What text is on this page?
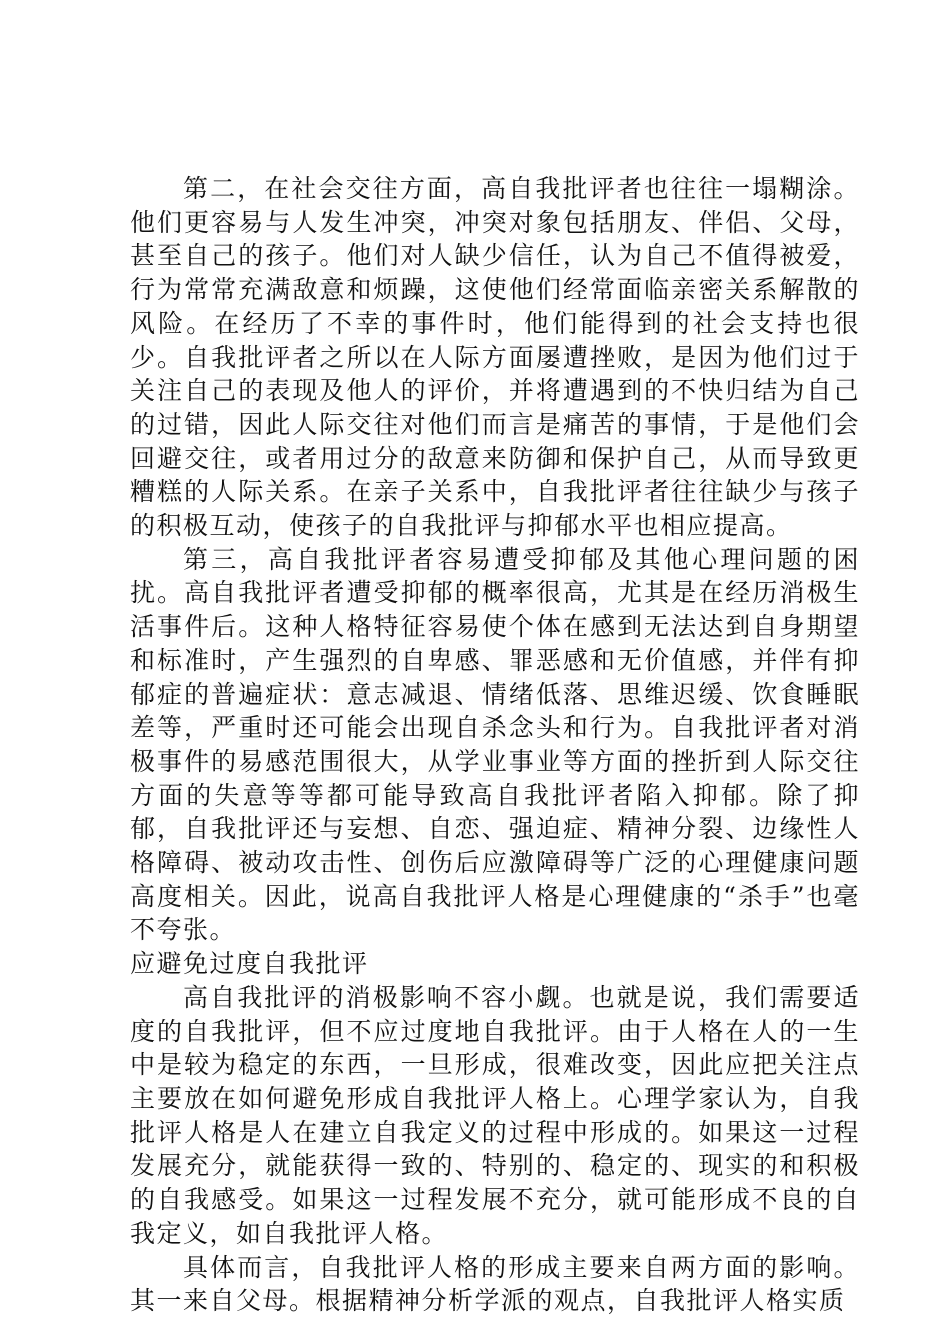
第二，在社会交往方面，高自我批评者也往往一塌糊涂。他们更容易与人发生冲突，冲突对象包括朋友、伴侣、父母，甚至自己的孩子。他们对人缺少信任，认为自己不值得被爱，行为常常充满敌意和烦躁，这使他们经常面临亲密关系解散的风险。在经历了不幸的事件时，他们能得到的社会支持也很少。自我批评者之所以在人际方面屡遭挫败，是因为他们过于关注自己的表现及他人的评价，并将遭遇到的不快归结为自己的过错，因此人际交往对他们而言是痛苦的事情，于是他们会回避交往，或者用过分的敌意来防御和保护自己，从而导致更糟糕的人际关系。在亲子关系中，自我批评者往往缺少与孩子的积极互动，使孩子的自我批评与抑郁水平也相应提高。

第三，高自我批评者容易遭受抑郁及其他心理问题的困扰。高自我批评者遭受抑郁的概率很高，尤其是在经历消极生活事件后。这种人格特征容易使个体在感到无法达到自身期望和标准时，产生强烈的自卑感、罪恶感和无价值感，并伴有抑郁症的普遍症状：意志减退、情绪低落、思维迟缓、饮食睡眠差等，严重时还可能会出现自杀念头和行为。自我批评者对消极事件的易感范围很大，从学业事业等方面的挫折到人际交往方面的失意等等都可能导致高自我批评者陷入抑郁。除了抑郁，自我批评还与妄想、自恋、强迫症、精神分裂、边缘性人格障碍、被动攻击性、创伤后应激障碍等广泛的心理健康问题高度相关。因此，说高自我批评人格是心理健康的“杀手”也毫不夸张。

应避免过度自我批评

高自我批评的消极影响不容小觑。也就是说，我们需要适度的自我批评，但不应过度地自我批评。由于人格在人的一生中是较为稳定的东西，一旦形成，很难改变，因此应把关注点主要放在如何避免形成自我批评人格上。心理学家认为，自我批评人格是人在建立自我定义的过程中形成的。如果这一过程发展充分，就能获得一致的、特别的、稳定的、现实的和积极的自我感受。如果这一过程发展不充分，就可能形成不良的自我定义，如自我批评人格。

具体而言，自我批评人格的形成主要来自两方面的影响。其一来自父母。根据精神分析学派的观点，自我批评人格实质
